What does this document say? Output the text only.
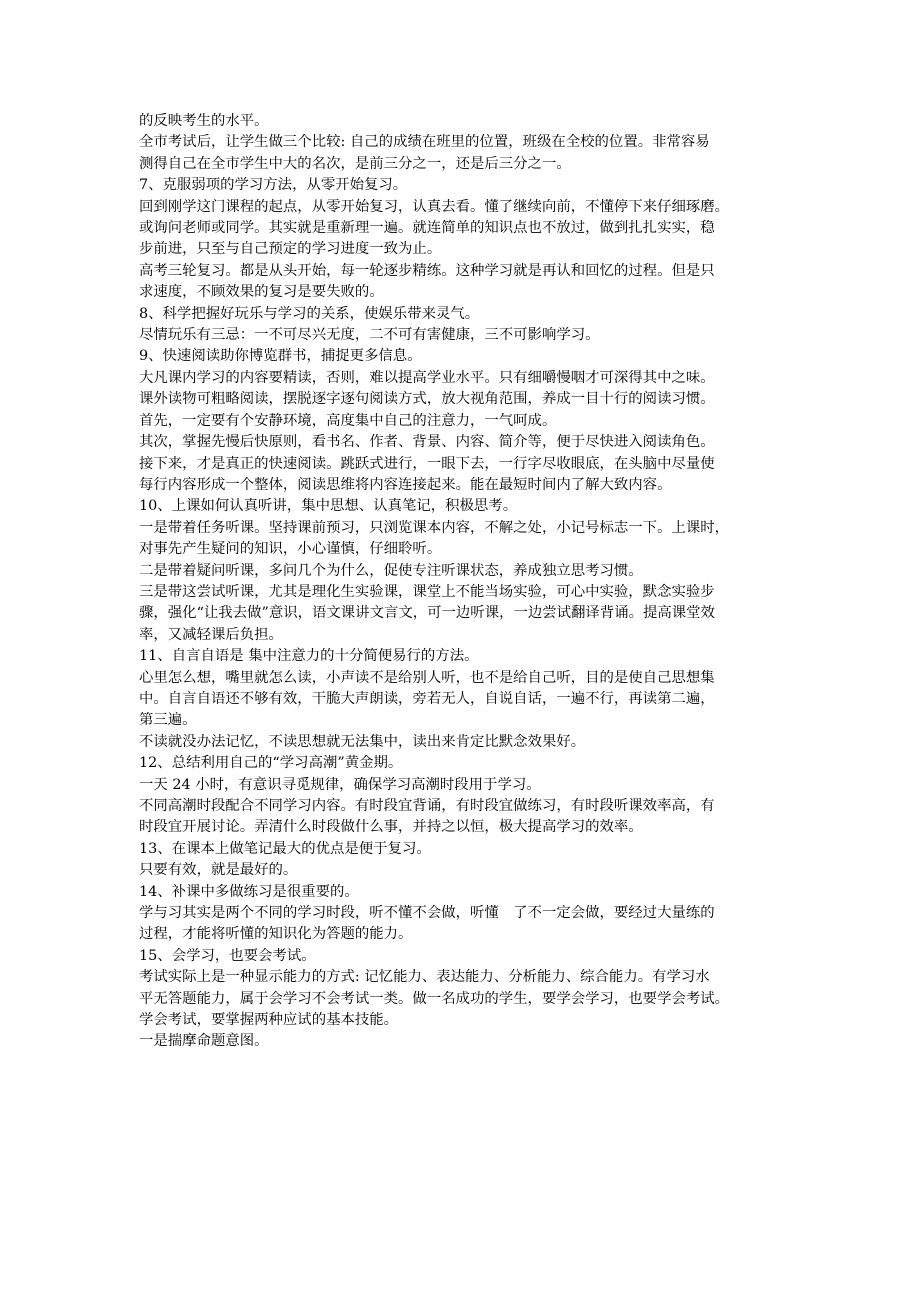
的反映考生的水平。

全市考试后，让学生做三个比较: 自己的成绩在班里的位置，班级在全校的位置。非常容易

测得自己在全市学生中大的名次，是前三分之一，还是后三分之一。

7、克服弱项的学习方法，从零开始复习。

回到刚学这门课程的起点，从零开始复习，认真去看。懂了继续向前，不懂停下来仔细琢磨。

或询问老师或同学。其实就是重新理一遍。就连简单的知识点也不放过，做到扎扎实实，稳

步前进，只至与自己预定的学习进度一致为止。

高考三轮复习。都是从头开始，每一轮逐步精练。这种学习就是再认和回忆的过程。但是只

求速度，不顾效果的复习是要失败的。

8、科学把握好玩乐与学习的关系，使娱乐带来灵气。

尽情玩乐有三忌：一不可尽兴无度，二不可有害健康，三不可影响学习。

9、快速阅读助你博览群书，捕捉更多信息。

大凡课内学习的内容要精读，否则，难以提高学业水平。只有细嚼慢咽才可深得其中之味。

课外读物可粗略阅读，摆脱逐字逐句阅读方式，放大视角范围，养成一目十行的阅读习惯。

首先，一定要有个安静环境，高度集中自己的注意力，一气呵成。

其次，掌握先慢后快原则，看书名、作者、背景、内容、简介等，便于尽快进入阅读角色。

接下来，才是真正的快速阅读。跳跃式进行，一眼下去，一行字尽收眼底，在头脑中尽量使

每行内容形成一个整体，阅读思维将内容连接起来。能在最短时间内了解大致内容。

10、上课如何认真听讲，集中思想、认真笔记，积极思考。

一是带着任务听课。坚持课前预习，只浏览课本内容，不解之处，小记号标志一下。上课时，

对事先产生疑问的知识，小心谨慎，仔细聆听。

二是带着疑问听课，多问几个为什么，促使专注听课状态，养成独立思考习惯。

三是带这尝试听课，尤其是理化生实验课，课堂上不能当场实验，可心中实验，默念实验步

骤，强化“让我去做”意识，语文课讲文言文，可一边听课，一边尝试翻译背诵。提高课堂效

率，又减轻课后负担。

11、自言自语是 集中注意力的十分简便易行的方法。

心里怎么想，嘴里就怎么读，小声读不是给别人听，也不是给自己听，目的是使自己思想集

中。自言自语还不够有效，干脆大声朗读，旁若无人，自说自话，一遍不行，再读第二遍，

第三遍。

不读就没办法记忆，不读思想就无法集中，读出来肯定比默念效果好。

12、总结利用自己的“学习高潮”黄金期。

一天 24 小时，有意识寻觅规律，确保学习高潮时段用于学习。

不同高潮时段配合不同学习内容。有时段宜背诵，有时段宜做练习，有时段听课效率高，有

时段宜开展讨论。弄清什么时段做什么事，并持之以恒，极大提高学习的效率。

13、在课本上做笔记最大的优点是便于复习。

只要有效，就是最好的。

14、补课中多做练习是很重要的。

学与习其实是两个不同的学习时段，听不懂不会做，听懂　了不一定会做，要经过大量练的

过程，才能将听懂的知识化为答题的能力。

15、会学习，也要会考试。

考试实际上是一种显示能力的方式: 记忆能力、表达能力、分析能力、综合能力。有学习水

平无答题能力，属于会学习不会考试一类。做一名成功的学生，要学会学习，也要学会考试。

学会考试，要掌握两种应试的基本技能。

一是揣摩命题意图。
